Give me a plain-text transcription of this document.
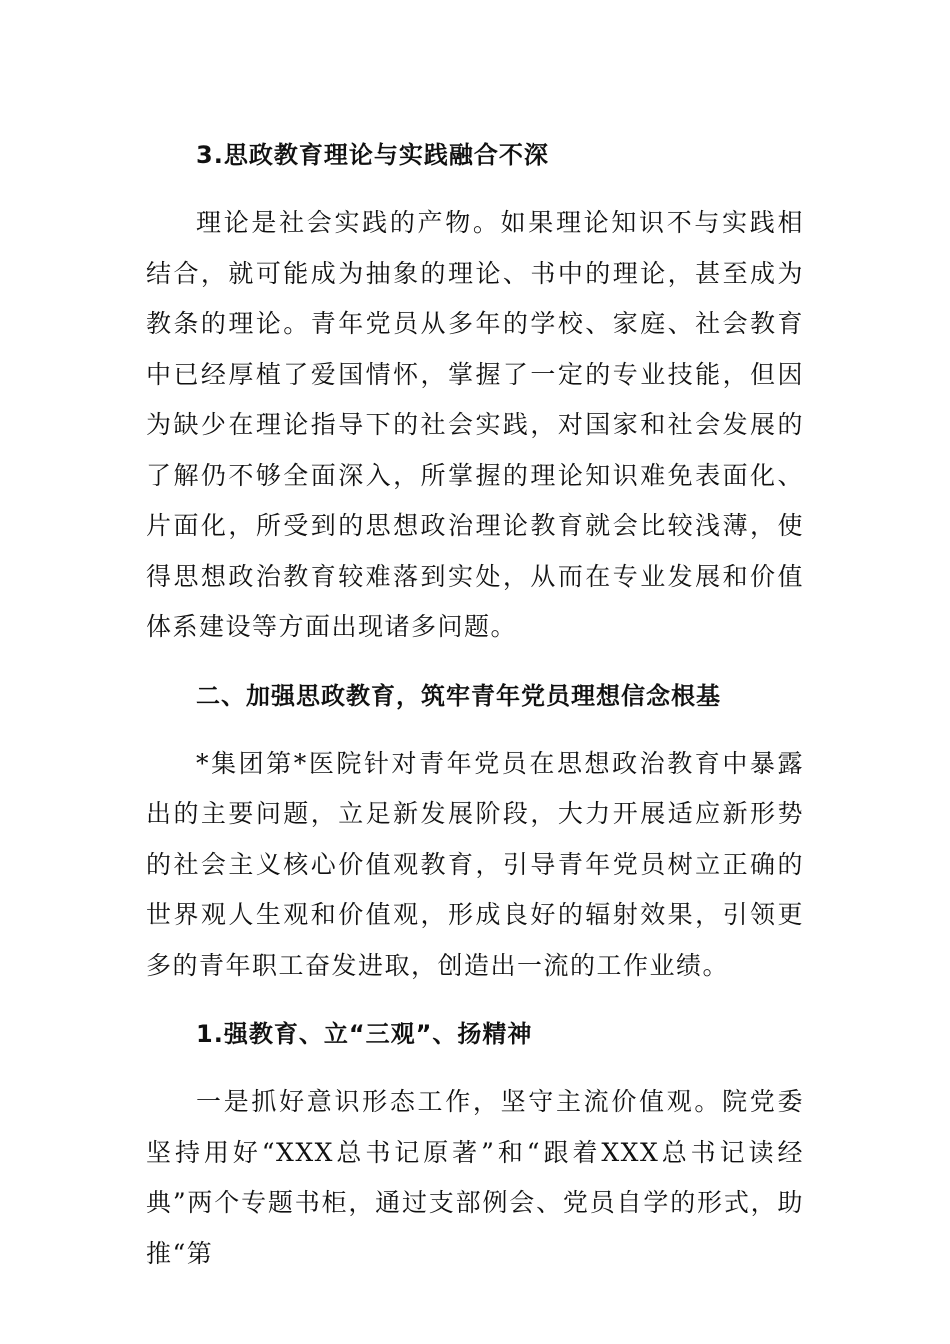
3.思政教育理论与实践融合不深
理论是社会实践的产物。如果理论知识不与实践相结合，就可能成为抽象的理论、书中的理论，甚至成为教条的理论。青年党员从多年的学校、家庭、社会教育中已经厚植了爱国情怀，掌握了一定的专业技能，但因为缺少在理论指导下的社会实践，对国家和社会发展的了解仍不够全面深入，所掌握的理论知识难免表面化、片面化，所受到的思想政治理论教育就会比较浅薄，使得思想政治教育较难落到实处，从而在专业发展和价值体系建设等方面出现诸多问题。
二、加强思政教育，筑牢青年党员理想信念根基
*集团第*医院针对青年党员在思想政治教育中暴露出的主要问题，立足新发展阶段，大力开展适应新形势的社会主义核心价值观教育，引导青年党员树立正确的世界观人生观和价值观，形成良好的辐射效果，引领更多的青年职工奋发进取，创造出一流的工作业绩。
1.强教育、立“三观”、扬精神
一是抓好意识形态工作，坚守主流价值观。院党委坚持用好“XXX总书记原著”和“跟着XXX总书记读经典”两个专题书柜，通过支部例会、党员自学的形式，助推“第
